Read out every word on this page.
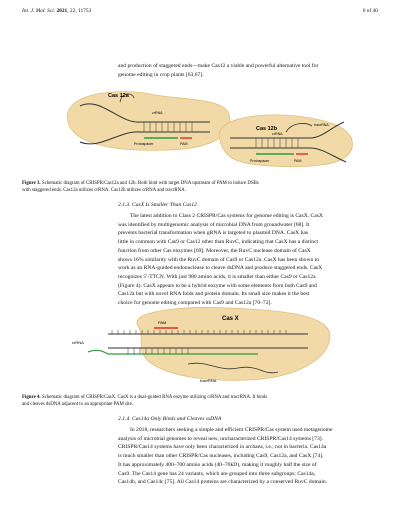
Int. J. Mol. Sci. 2021, 22, 11753	6 of 40
and production of staggered ends—make Cas12 a viable and powerful alternative tool for
genome editing in crop plants [63,67].
Cas 12a
crRNA
Protospacer	PAM
Cas 12b
tracrRNA
crRNA
Protospacer	PAM
Figure 3. Schematic diagram of CRISPR/Cas12a and 12b. Both bind with target DNA upstream of PAM to induce DSBs
with staggered ends. Cas12a utilizes crRNA. Cas12b utilizes crRNA and tracrRNA.
2.1.3. CasX Is Smaller Than Cas12
The latest addition to Class 2 CRISPR/Cas systems for genome editing is CasX. CasX
was identified by multigenomic analysis of microbial DNA from groundwater [68]. It
prevents bacterial transformation when gRNA is targeted to plasmid DNA. CasX has
little in common with Cas9 or Cas12 other than RuvC, indicating that CasX has a distinct
function from other Cas enzymes [69]. Moreover, the RuvC nuclease domain of CasX
shows 16% similarity with the RuvC domain of Cas9 or Cas12a. CasX has been shown to
work as an RNA-guided endonuclease to cleave dsDNA and produce staggered ends. CasX
recognizes 5′-TTCN. With just 980 amino acids, it is smaller than either Cas9 or Cas12a
(Figure 4). CasX appears to be a hybrid enzyme with some elements from both Cas9 and
Cas12a but with novel RNA folds and protein domain. Its small size makes it the best
choice for genome editing compared with Cas9 and Cas12a [70–72].
Cas X
PAM
crRNA
tracrRNA
Figure 4. Schematic diagram of CRISPR/CasX. CasX is a dual-guided RNA enzyme utilizing crRNA and tracrRNA. It binds
and cleaves dsDNA adjacent to an appropriate PAM site.
2.1.4. Cas14a Only Binds and Cleaves ssDNA
In 2018, researchers seeking a simple and efficient CRISPR/Cas system used metagenome
analysis of microbial genomes to reveal new, uncharacterized CRISPR/Cas14 systems [73].
CRISPR/Cas14 systems have only been characterized in archaea, i.e., not in bacteria. Cas14a
is much smaller than other CRISPR/Cas nucleases, including Cas9, Cas12a, and CasX [74].
It has approximately 400–700 amino acids (40–70kD), making it roughly half the size of
Cas9. The Cas14 gene has 24 variants, which are grouped into three subgroups: Cas14a,
Cas14b, and Cas14c [75]. All Cas14 proteins are characterized by a conserved RuvC domain.
